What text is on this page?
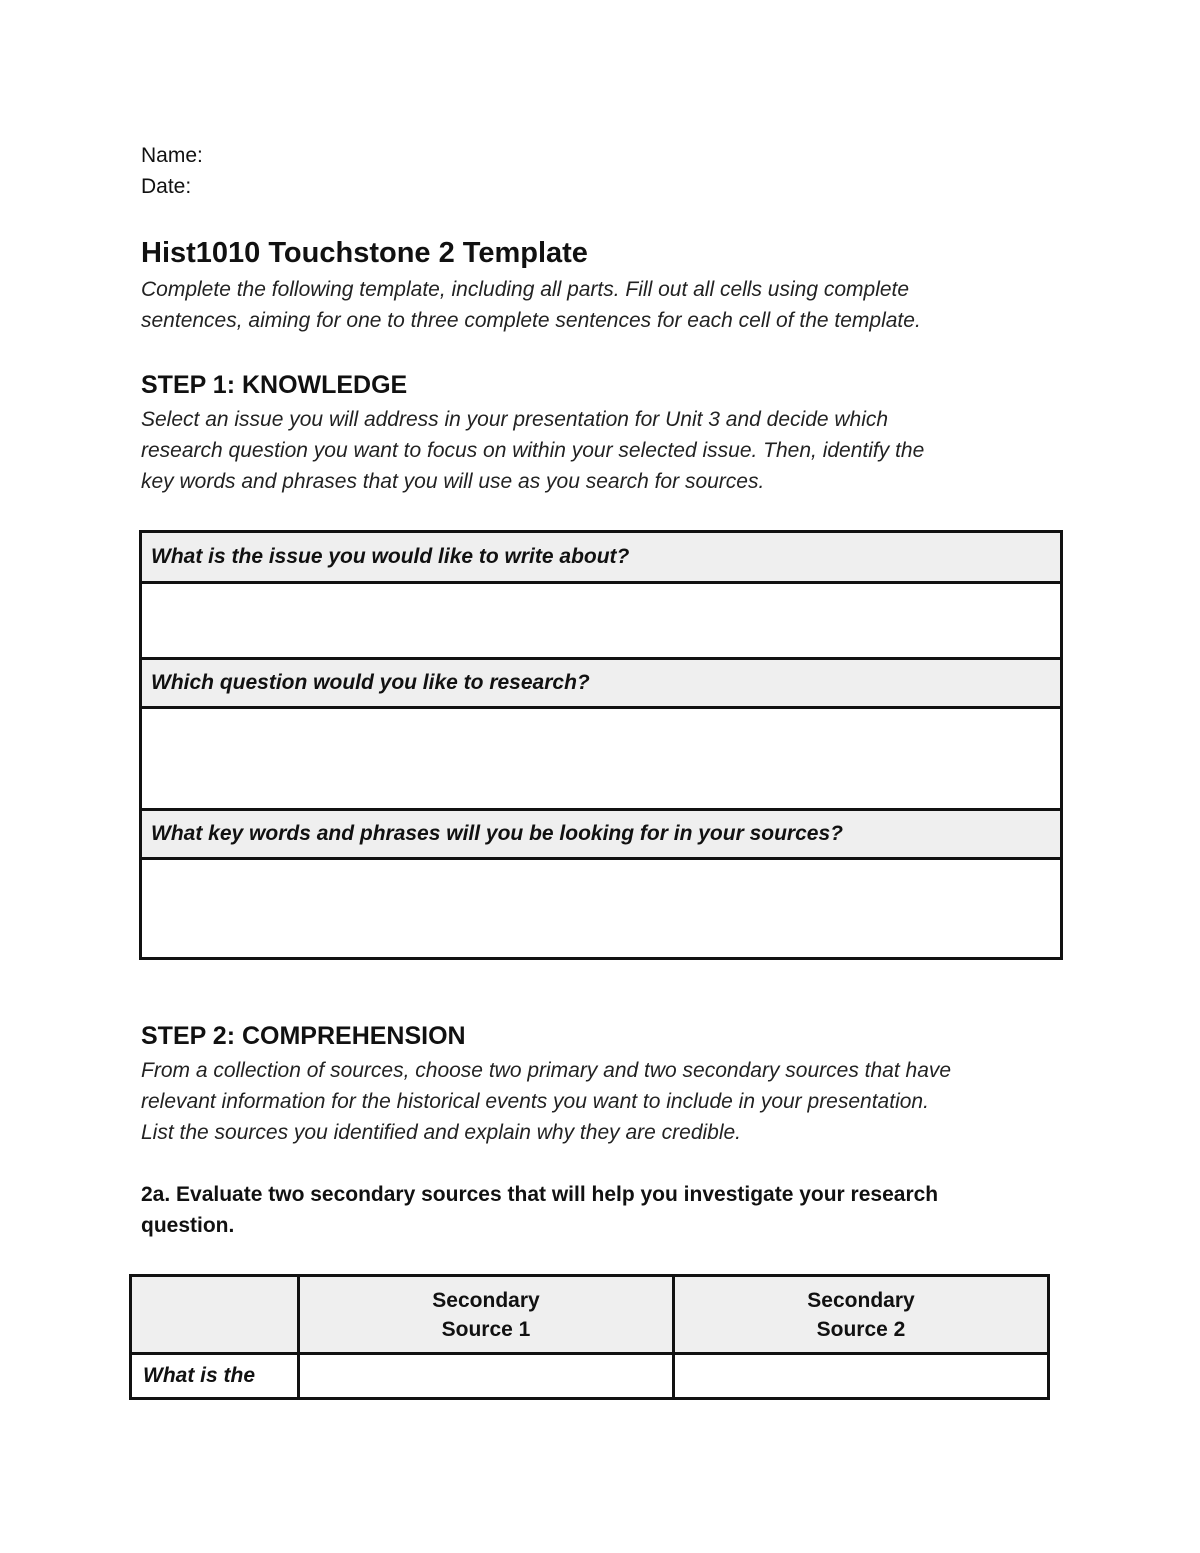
Name:
Date:
Hist1010 Touchstone 2 Template
Complete the following template, including all parts. Fill out all cells using complete
sentences, aiming for one to three complete sentences for each cell of the template.
STEP 1: KNOWLEDGE
Select an issue you will address in your presentation for Unit 3 and decide which
research question you want to focus on within your selected issue. Then, identify the
key words and phrases that you will use as you search for sources.
What is the issue you would like to write about?
Which question would you like to research?
What key words and phrases will you be looking for in your sources?
STEP 2: COMPREHENSION
From a collection of sources, choose two primary and two secondary sources that have
relevant information for the historical events you want to include in your presentation.
List the sources you identified and explain why they are credible.
2a. Evaluate two secondary sources that will help you investigate your research
question.
Secondary
Source 1
Secondary
Source 2
What is the
